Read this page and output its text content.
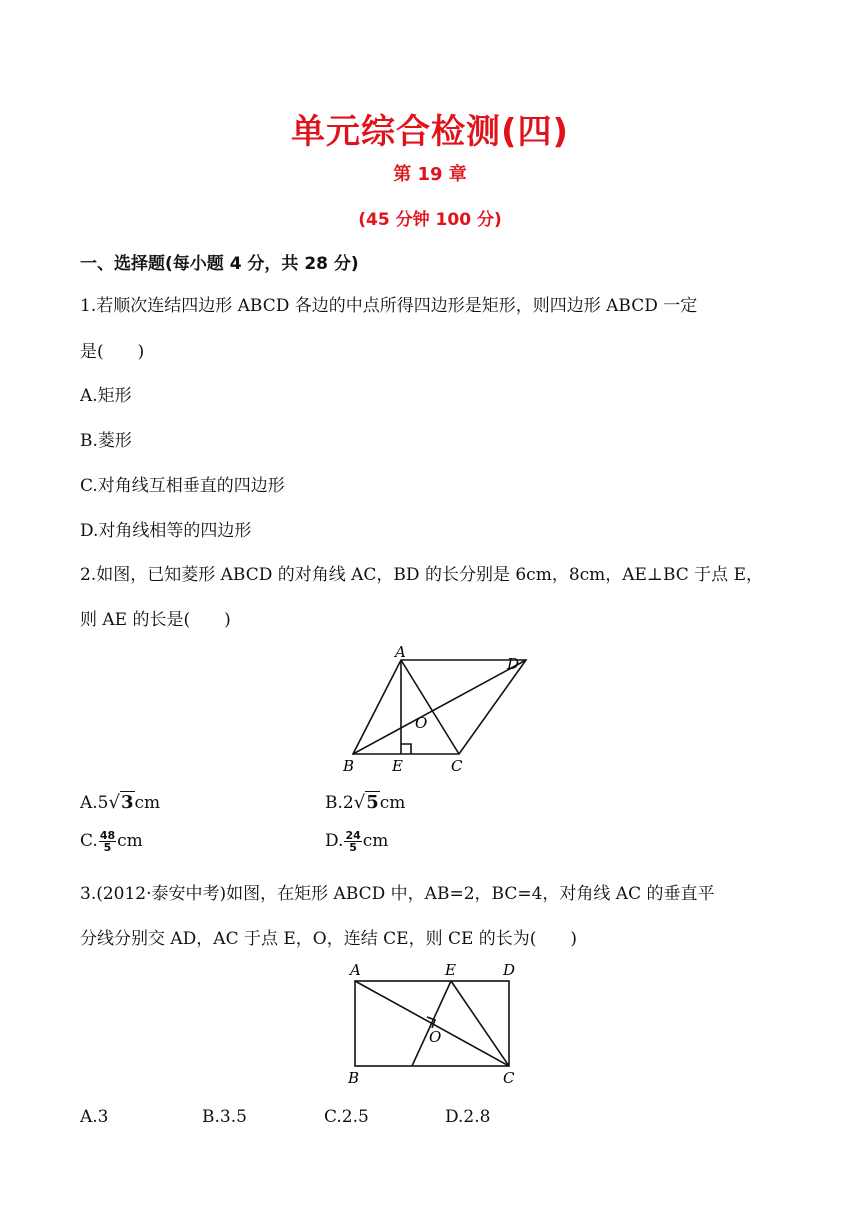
单元综合检测(四)
第 19 章
(45 分钟 100 分)
一、选择题(每小题 4 分，共 28 分)
1.若顺次连结四边形 ABCD 各边的中点所得四边形是矩形，则四边形 ABCD 一定
是(　　)
A.矩形
B.菱形
C.对角线互相垂直的四边形
D.对角线相等的四边形
2.如图，已知菱形 ABCD 的对角线 AC，BD 的长分别是 6cm，8cm，AE⊥BC 于点 E，
则 AE 的长是(　　)
A
D
O
B	E	C
A.5√3cm	B.2√5cm
C. $\frac{48}{5}$ cm	D. $\frac{24}{5}$ cm
3.(2012·泰安中考)如图，在矩形 ABCD 中，AB=2，BC=4，对角线 AC 的垂直平
分线分别交 AD，AC 于点 E，O，连结 CE，则 CE 的长为(　　)
A	E	D
O
B	C
A.3	B.3.5	C.2.5	D.2.8
